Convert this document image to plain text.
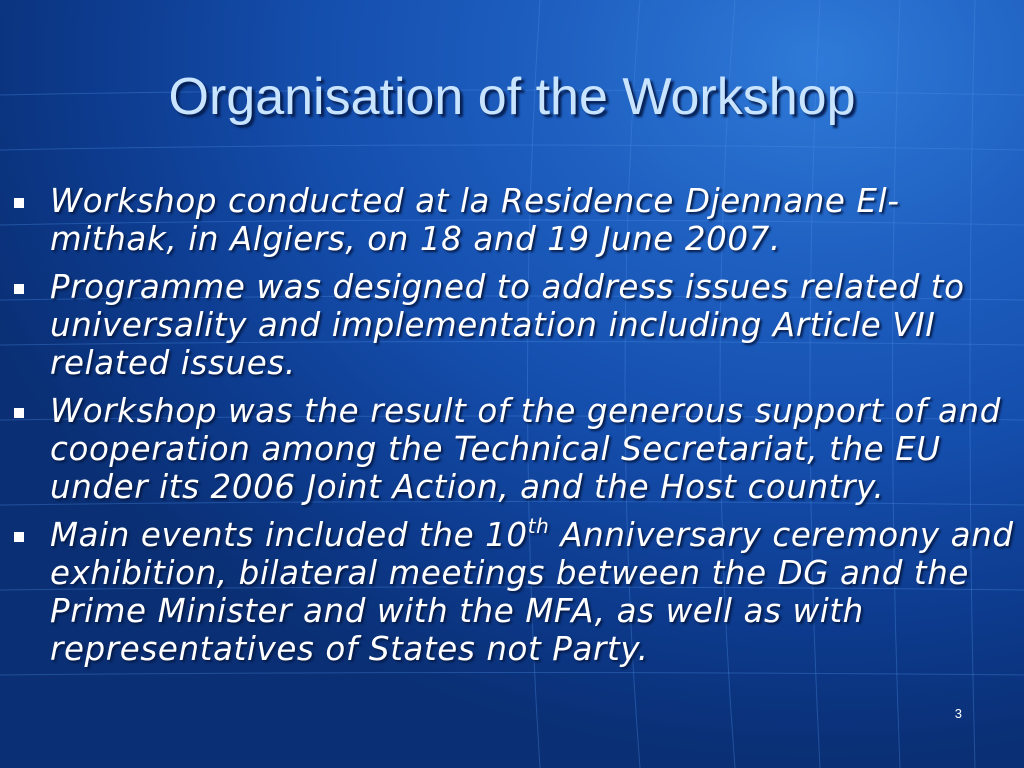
Organisation of the Workshop
Workshop conducted at la Residence Djennane El-mithak, in Algiers, on 18 and 19 June 2007.
Programme was designed to address issues related to universality and implementation including Article VII related issues.
Workshop was the result of the generous support of and cooperation among the Technical Secretariat, the EU under its 2006 Joint Action, and the Host country.
Main events included the 10th Anniversary ceremony and exhibition, bilateral meetings between the DG and the Prime Minister and with the MFA, as well as with representatives of States not Party.
3
